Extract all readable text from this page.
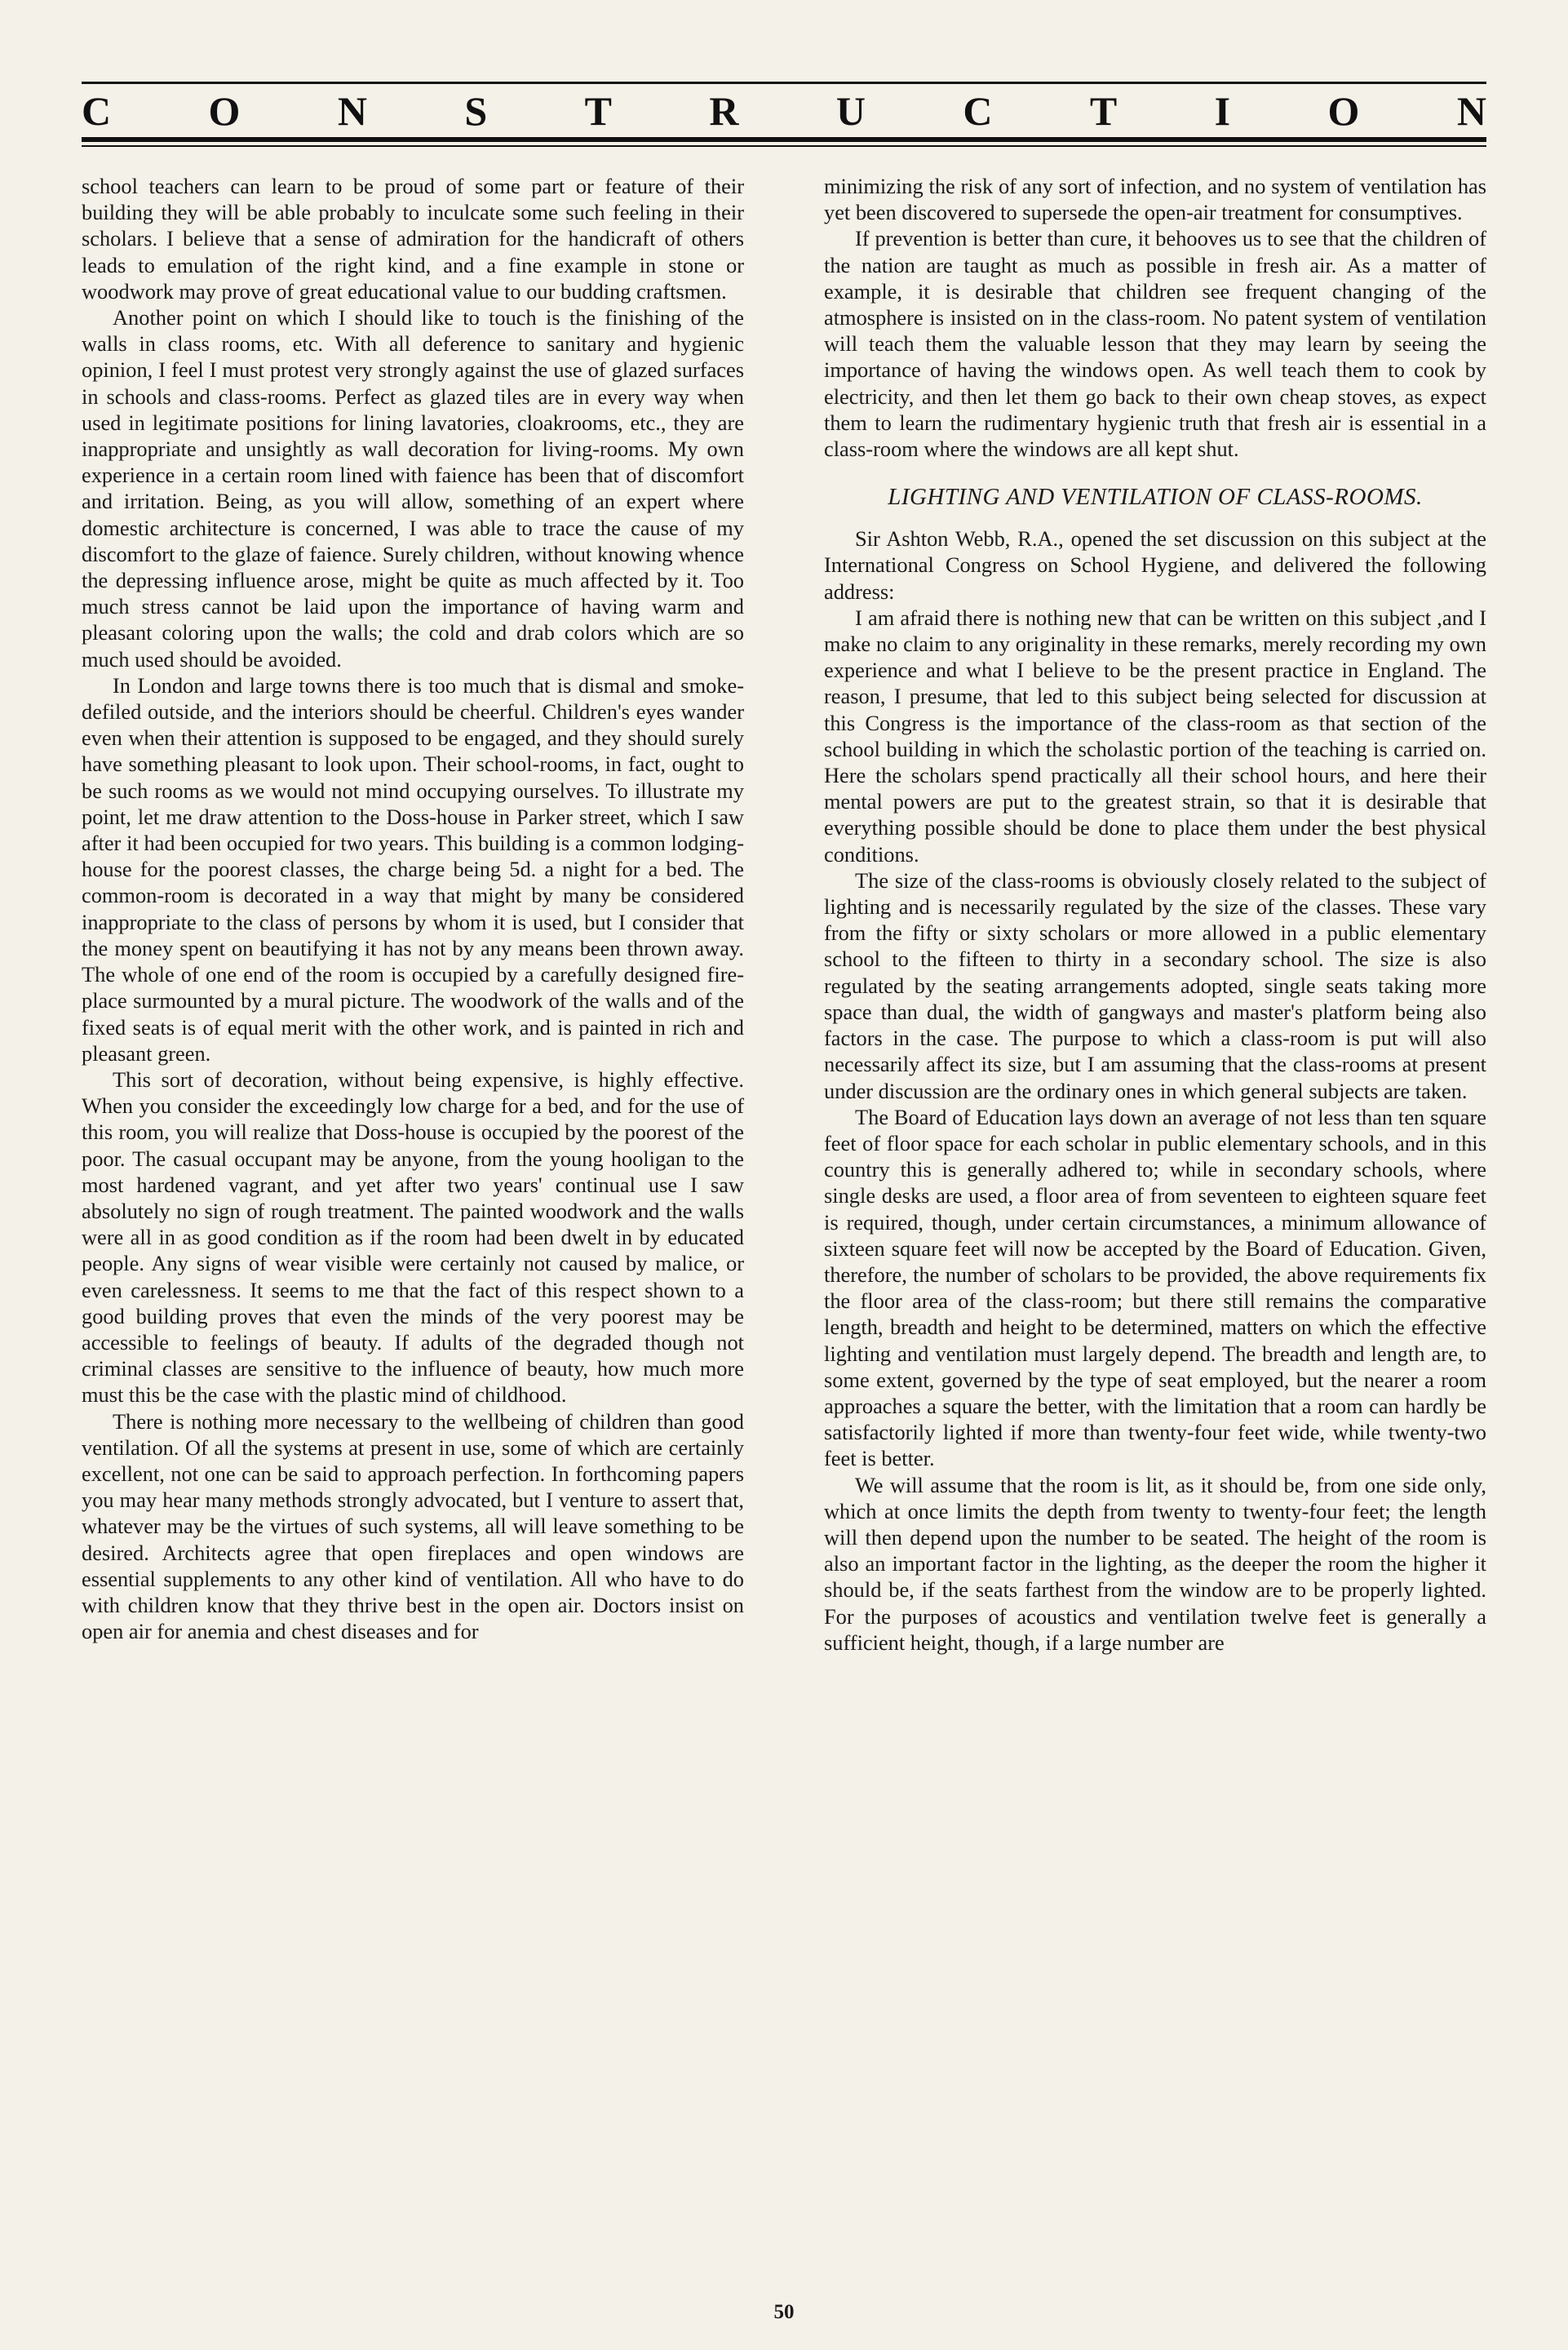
C O N S T R U C T I O N

school teachers can learn to be proud of some part or feature of their building they will be able probably to inculcate some such feeling in their scholars. I believe that a sense of admiration for the handicraft of others leads to emulation of the right kind, and a fine example in stone or woodwork may prove of great educational value to our budding craftsmen.

Another point on which I should like to touch is the finishing of the walls in class rooms, etc. With all deference to sanitary and hygienic opinion, I feel I must protest very strongly against the use of glazed surfaces in schools and class-rooms. Perfect as glazed tiles are in every way when used in legitimate positions for lining lavatories, cloakrooms, etc., they are inappropriate and unsightly as wall decoration for living-rooms. My own experience in a certain room lined with faience has been that of discomfort and irritation. Being, as you will allow, something of an expert where domestic architecture is concerned, I was able to trace the cause of my discomfort to the glaze of faience. Surely children, without knowing whence the depressing influence arose, might be quite as much affected by it. Too much stress cannot be laid upon the importance of having warm and pleasant coloring upon the walls; the cold and drab colors which are so much used should be avoided.

In London and large towns there is too much that is dismal and smoke-defiled outside, and the interiors should be cheerful. Children's eyes wander even when their attention is supposed to be engaged, and they should surely have something pleasant to look upon. Their school-rooms, in fact, ought to be such rooms as we would not mind occupying ourselves. To illustrate my point, let me draw attention to the Doss-house in Parker street, which I saw after it had been occupied for two years. This building is a common lodging-house for the poorest classes, the charge being 5d. a night for a bed. The common-room is decorated in a way that might by many be considered inappropriate to the class of persons by whom it is used, but I consider that the money spent on beautifying it has not by any means been thrown away. The whole of one end of the room is occupied by a carefully designed fire-place surmounted by a mural picture. The woodwork of the walls and of the fixed seats is of equal merit with the other work, and is painted in rich and pleasant green.

This sort of decoration, without being expensive, is highly effective. When you consider the exceedingly low charge for a bed, and for the use of this room, you will realize that Doss-house is occupied by the poorest of the poor. The casual occupant may be anyone, from the young hooligan to the most hardened vagrant, and yet after two years' continual use I saw absolutely no sign of rough treatment. The painted woodwork and the walls were all in as good condition as if the room had been dwelt in by educated people. Any signs of wear visible were certainly not caused by malice, or even carelessness. It seems to me that the fact of this respect shown to a good building proves that even the minds of the very poorest may be accessible to feelings of beauty. If adults of the degraded though not criminal classes are sensitive to the influence of beauty, how much more must this be the case with the plastic mind of childhood.

There is nothing more necessary to the wellbeing of children than good ventilation. Of all the systems at present in use, some of which are certainly excellent, not one can be said to approach perfection. In forthcoming papers you may hear many methods strongly advocated, but I venture to assert that, whatever may be the virtues of such systems, all will leave something to be desired. Architects agree that open fireplaces and open windows are essential supplements to any other kind of ventilation. All who have to do with children know that they thrive best in the open air. Doctors insist on open air for anemia and chest diseases and for

minimizing the risk of any sort of infection, and no system of ventilation has yet been discovered to supersede the open-air treatment for consumptives.

If prevention is better than cure, it behooves us to see that the children of the nation are taught as much as possible in fresh air. As a matter of example, it is desirable that children see frequent changing of the atmosphere is insisted on in the class-room. No patent system of ventilation will teach them the valuable lesson that they may learn by seeing the importance of having the windows open. As well teach them to cook by electricity, and then let them go back to their own cheap stoves, as expect them to learn the rudimentary hygienic truth that fresh air is essential in a class-room where the windows are all kept shut.

LIGHTING AND VENTILATION OF CLASS-ROOMS.

Sir Ashton Webb, R.A., opened the set discussion on this subject at the International Congress on School Hygiene, and delivered the following address:

I am afraid there is nothing new that can be written on this subject ,and I make no claim to any originality in these remarks, merely recording my own experience and what I believe to be the present practice in England. The reason, I presume, that led to this subject being selected for discussion at this Congress is the importance of the class-room as that section of the school building in which the scholastic portion of the teaching is carried on. Here the scholars spend practically all their school hours, and here their mental powers are put to the greatest strain, so that it is desirable that everything possible should be done to place them under the best physical conditions.

The size of the class-rooms is obviously closely related to the subject of lighting and is necessarily regulated by the size of the classes. These vary from the fifty or sixty scholars or more allowed in a public elementary school to the fifteen to thirty in a secondary school. The size is also regulated by the seating arrangements adopted, single seats taking more space than dual, the width of gangways and master's platform being also factors in the case. The purpose to which a class-room is put will also necessarily affect its size, but I am assuming that the class-rooms at present under discussion are the ordinary ones in which general subjects are taken.

The Board of Education lays down an average of not less than ten square feet of floor space for each scholar in public elementary schools, and in this country this is generally adhered to; while in secondary schools, where single desks are used, a floor area of from seventeen to eighteen square feet is required, though, under certain circumstances, a minimum allowance of sixteen square feet will now be accepted by the Board of Education. Given, therefore, the number of scholars to be provided, the above requirements fix the floor area of the class-room; but there still remains the comparative length, breadth and height to be determined, matters on which the effective lighting and ventilation must largely depend. The breadth and length are, to some extent, governed by the type of seat employed, but the nearer a room approaches a square the better, with the limitation that a room can hardly be satisfactorily lighted if more than twenty-four feet wide, while twenty-two feet is better.

We will assume that the room is lit, as it should be, from one side only, which at once limits the depth from twenty to twenty-four feet; the length will then depend upon the number to be seated. The height of the room is also an important factor in the lighting, as the deeper the room the higher it should be, if the seats farthest from the window are to be properly lighted. For the purposes of acoustics and ventilation twelve feet is generally a sufficient height, though, if a large number are

50
